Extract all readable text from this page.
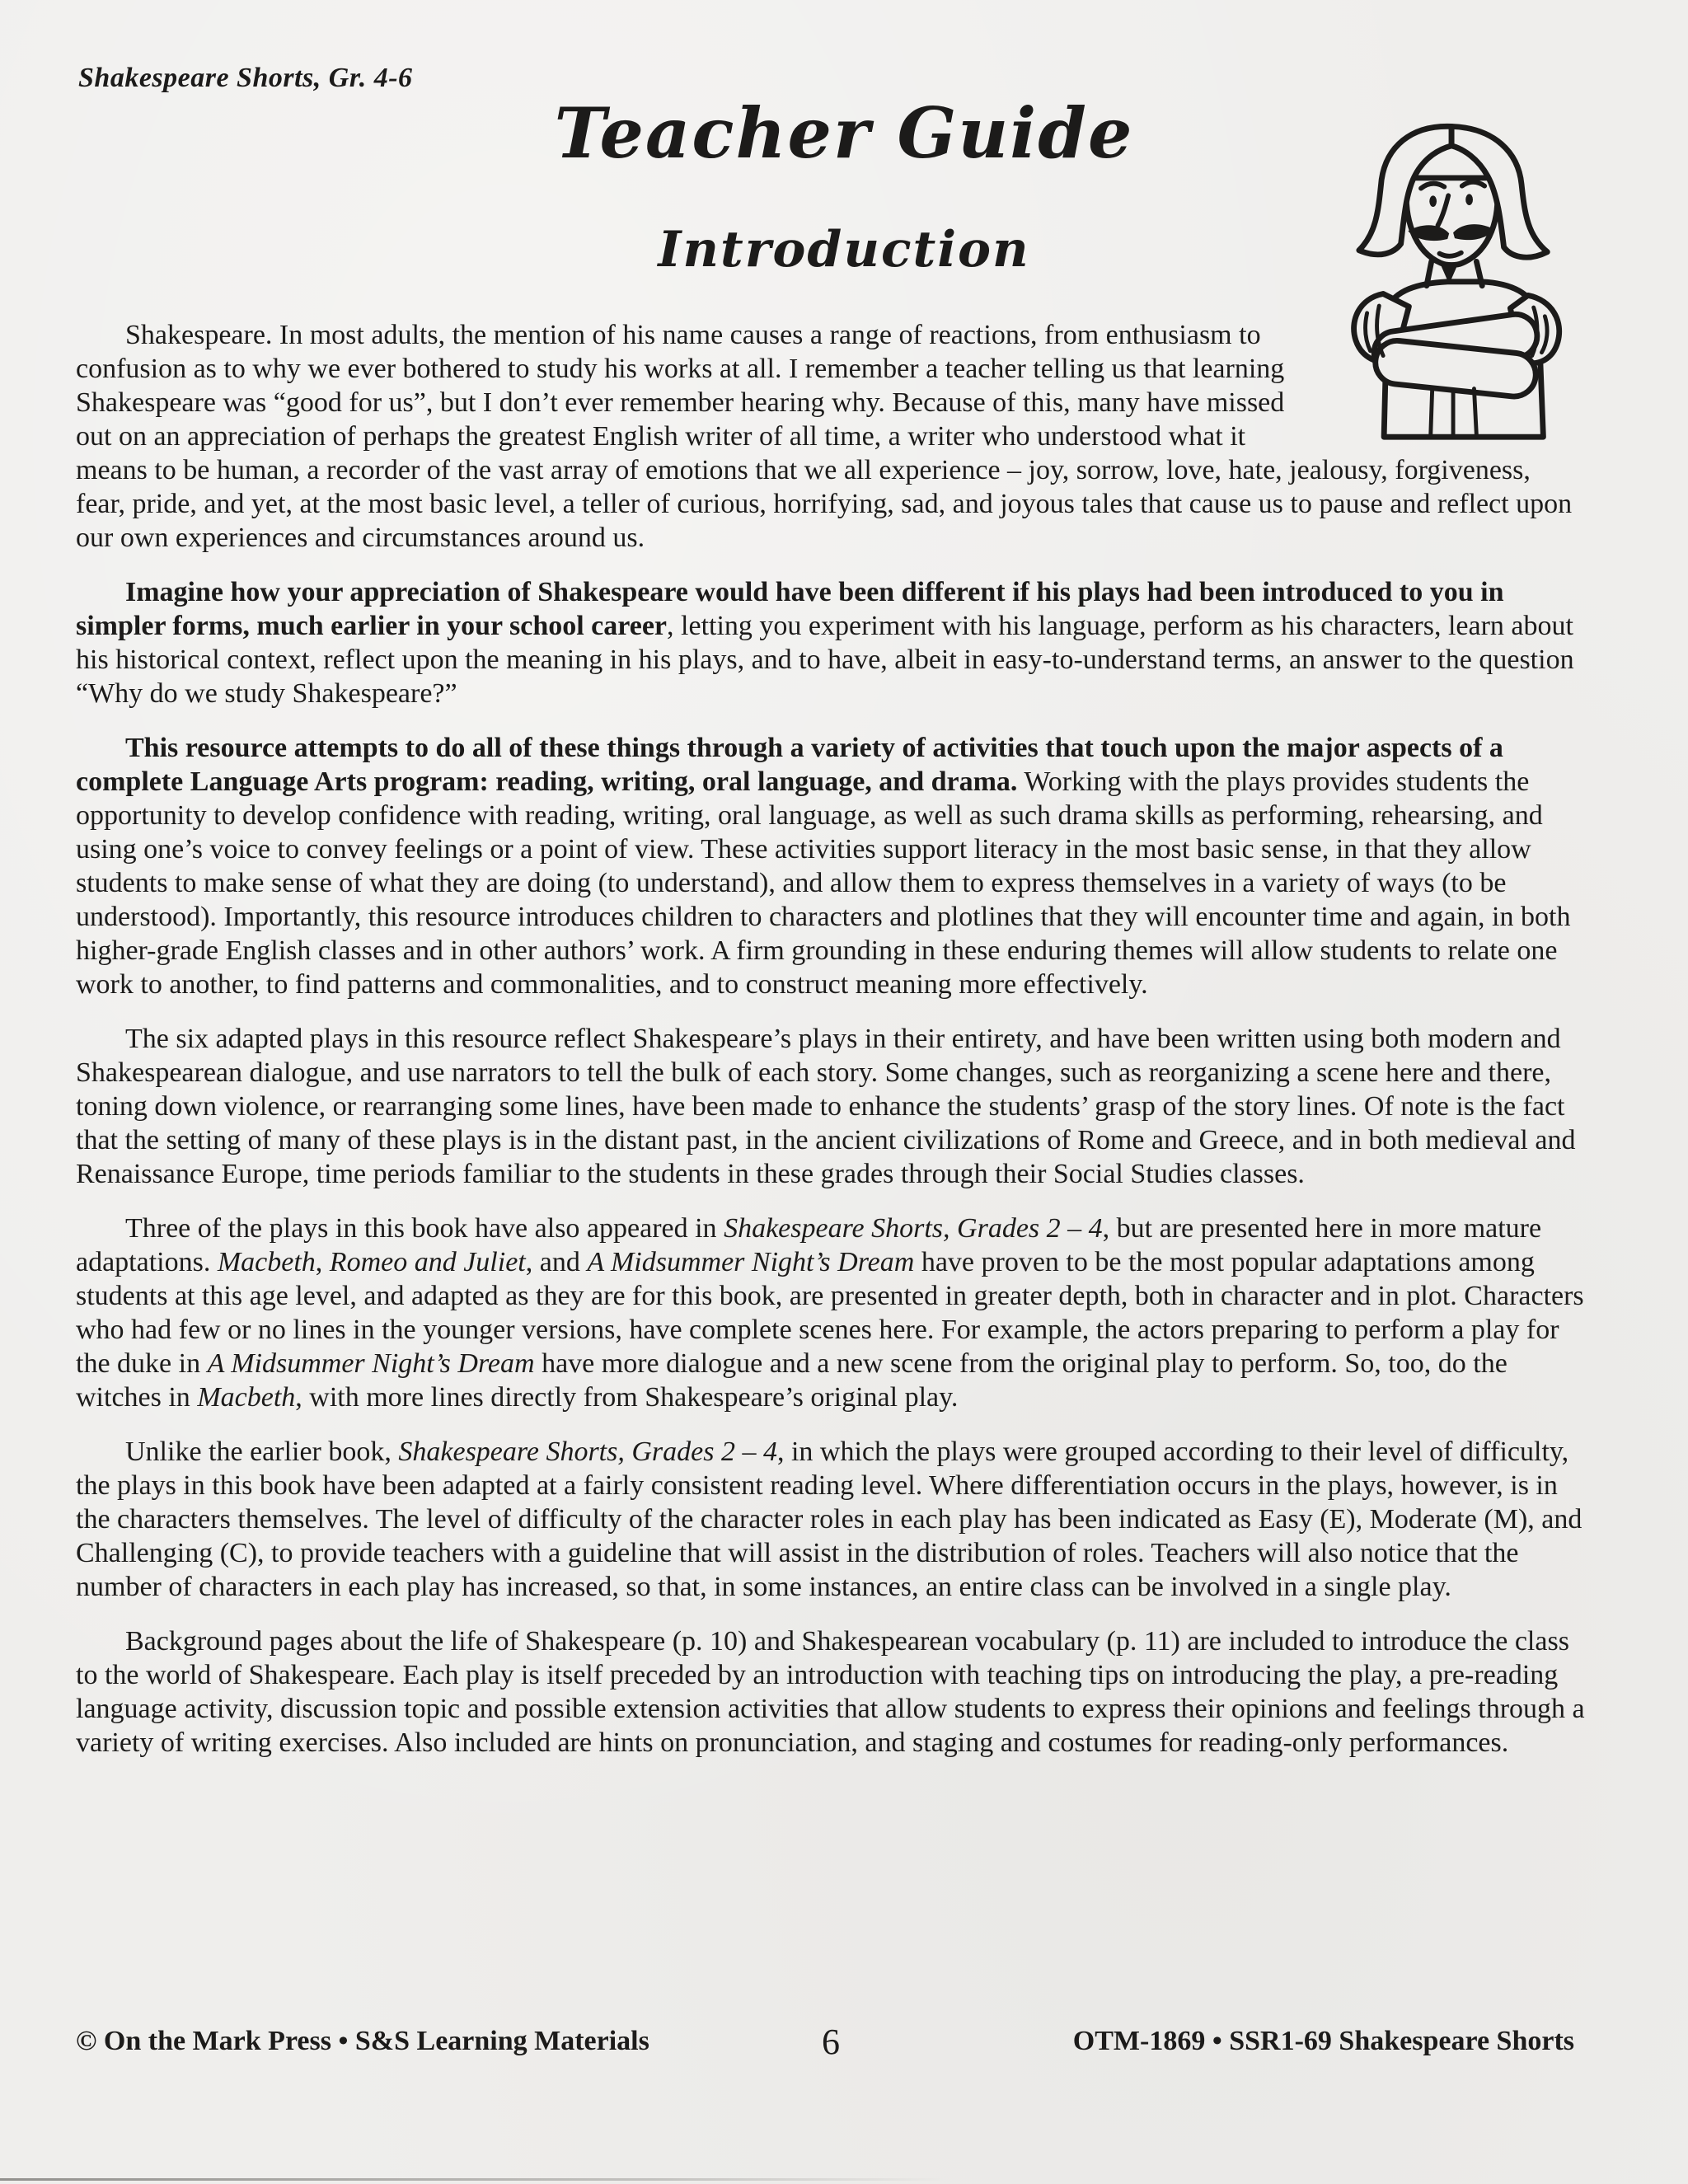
Shakespeare Shorts, Gr. 4-6
Teacher Guide
Introduction

Shakespeare. In most adults, the mention of his name causes a range of reactions, from enthusiasm to confusion as to why we ever bothered to study his works at all. I remember a teacher telling us that learning Shakespeare was “good for us”, but I don’t ever remember hearing why. Because of this, many have missed out on an appreciation of perhaps the greatest English writer of all time, a writer who understood what it means to be human, a recorder of the vast array of emotions that we all experience – joy, sorrow, love, hate, jealousy, forgiveness, fear, pride, and yet, at the most basic level, a teller of curious, horrifying, sad, and joyous tales that cause us to pause and reflect upon our own experiences and circumstances around us.

Imagine how your appreciation of Shakespeare would have been different if his plays had been introduced to you in simpler forms, much earlier in your school career, letting you experiment with his language, perform as his characters, learn about his historical context, reflect upon the meaning in his plays, and to have, albeit in easy-to-understand terms, an answer to the question “Why do we study Shakespeare?”

This resource attempts to do all of these things through a variety of activities that touch upon the major aspects of a complete Language Arts program: reading, writing, oral language, and drama. Working with the plays provides students the opportunity to develop confidence with reading, writing, oral language, as well as such drama skills as performing, rehearsing, and using one’s voice to convey feelings or a point of view. These activities support literacy in the most basic sense, in that they allow students to make sense of what they are doing (to understand), and allow them to express themselves in a variety of ways (to be understood). Importantly, this resource introduces children to characters and plotlines that they will encounter time and again, in both higher-grade English classes and in other authors’ work. A firm grounding in these enduring themes will allow students to relate one work to another, to find patterns and commonalities, and to construct meaning more effectively.

The six adapted plays in this resource reflect Shakespeare’s plays in their entirety, and have been written using both modern and Shakespearean dialogue, and use narrators to tell the bulk of each story. Some changes, such as reorganizing a scene here and there, toning down violence, or rearranging some lines, have been made to enhance the students’ grasp of the story lines. Of note is the fact that the setting of many of these plays is in the distant past, in the ancient civilizations of Rome and Greece, and in both medieval and Renaissance Europe, time periods familiar to the students in these grades through their Social Studies classes.

Three of the plays in this book have also appeared in Shakespeare Shorts, Grades 2 – 4, but are presented here in more mature adaptations. Macbeth, Romeo and Juliet, and A Midsummer Night’s Dream have proven to be the most popular adaptations among students at this age level, and adapted as they are for this book, are presented in greater depth, both in character and in plot. Characters who had few or no lines in the younger versions, have complete scenes here. For example, the actors preparing to perform a play for the duke in A Midsummer Night’s Dream have more dialogue and a new scene from the original play to perform. So, too, do the witches in Macbeth, with more lines directly from Shakespeare’s original play.

Unlike the earlier book, Shakespeare Shorts, Grades 2 – 4, in which the plays were grouped according to their level of difficulty, the plays in this book have been adapted at a fairly consistent reading level. Where differentiation occurs in the plays, however, is in the characters themselves. The level of difficulty of the character roles in each play has been indicated as Easy (E), Moderate (M), and Challenging (C), to provide teachers with a guideline that will assist in the distribution of roles. Teachers will also notice that the number of characters in each play has increased, so that, in some instances, an entire class can be involved in a single play.

Background pages about the life of Shakespeare (p. 10) and Shakespearean vocabulary (p. 11) are included to introduce the class to the world of Shakespeare. Each play is itself preceded by an introduction with teaching tips on introducing the play, a pre-reading language activity, discussion topic and possible extension activities that allow students to express their opinions and feelings through a variety of writing exercises. Also included are hints on pronunciation, and staging and costumes for reading-only performances.

© On the Mark Press • S&S Learning Materials	6	OTM-1869 • SSR1-69 Shakespeare Shorts
